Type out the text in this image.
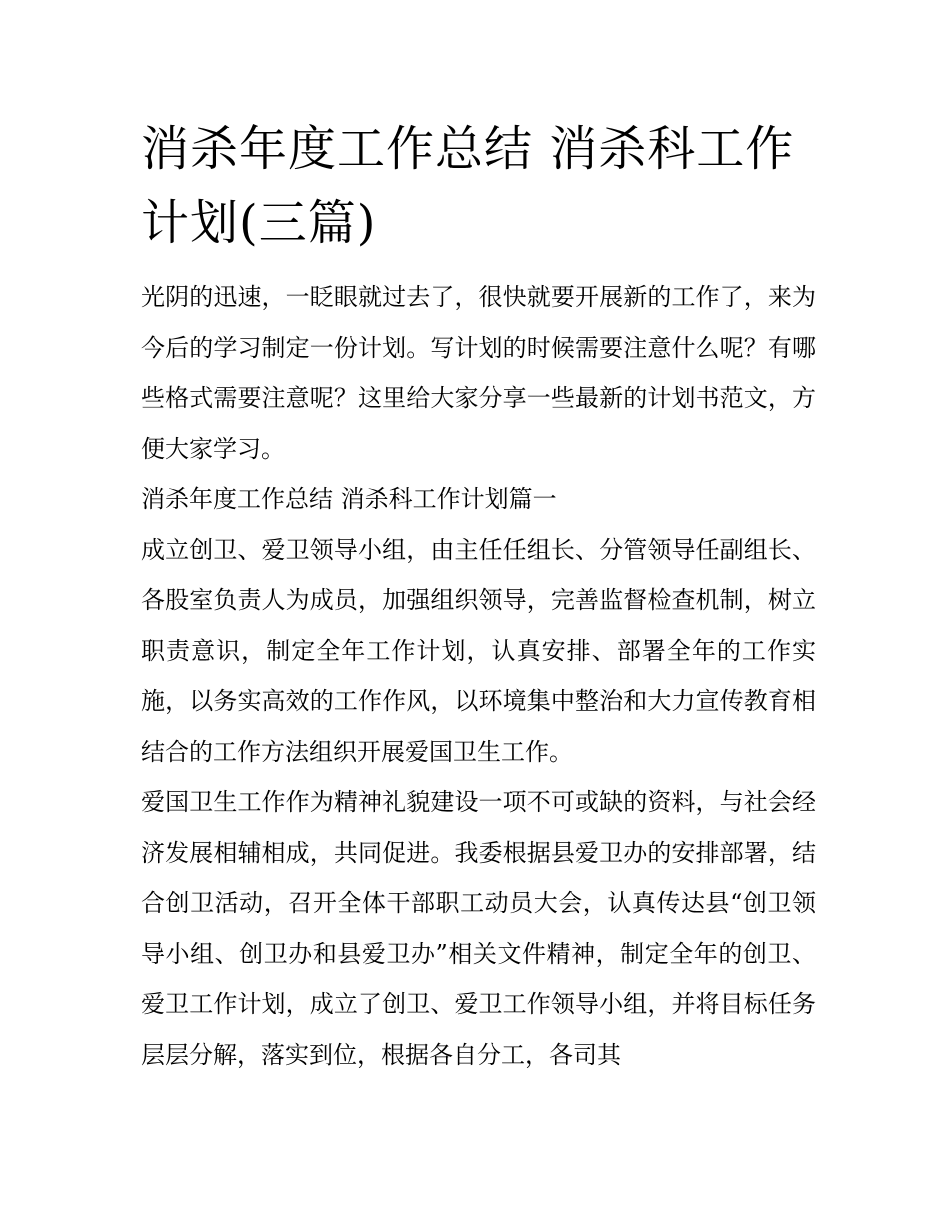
消杀年度工作总结 消杀科工作计划(三篇)

光阴的迅速，一眨眼就过去了，很快就要开展新的工作了，来为今后的学习制定一份计划。写计划的时候需要注意什么呢？有哪些格式需要注意呢？这里给大家分享一些最新的计划书范文，方便大家学习。

消杀年度工作总结 消杀科工作计划篇一

成立创卫、爱卫领导小组，由主任任组长、分管领导任副组长、各股室负责人为成员，加强组织领导，完善监督检查机制，树立职责意识，制定全年工作计划，认真安排、部署全年的工作实施，以务实高效的工作作风，以环境集中整治和大力宣传教育相结合的工作方法组织开展爱国卫生工作。

爱国卫生工作作为精神礼貌建设一项不可或缺的资料，与社会经济发展相辅相成，共同促进。我委根据县爱卫办的安排部署，结合创卫活动，召开全体干部职工动员大会，认真传达县“创卫领导小组、创卫办和县爱卫办”相关文件精神，制定全年的创卫、爱卫工作计划，成立了创卫、爱卫工作领导小组，并将目标任务层层分解，落实到位，根据各自分工，各司其
